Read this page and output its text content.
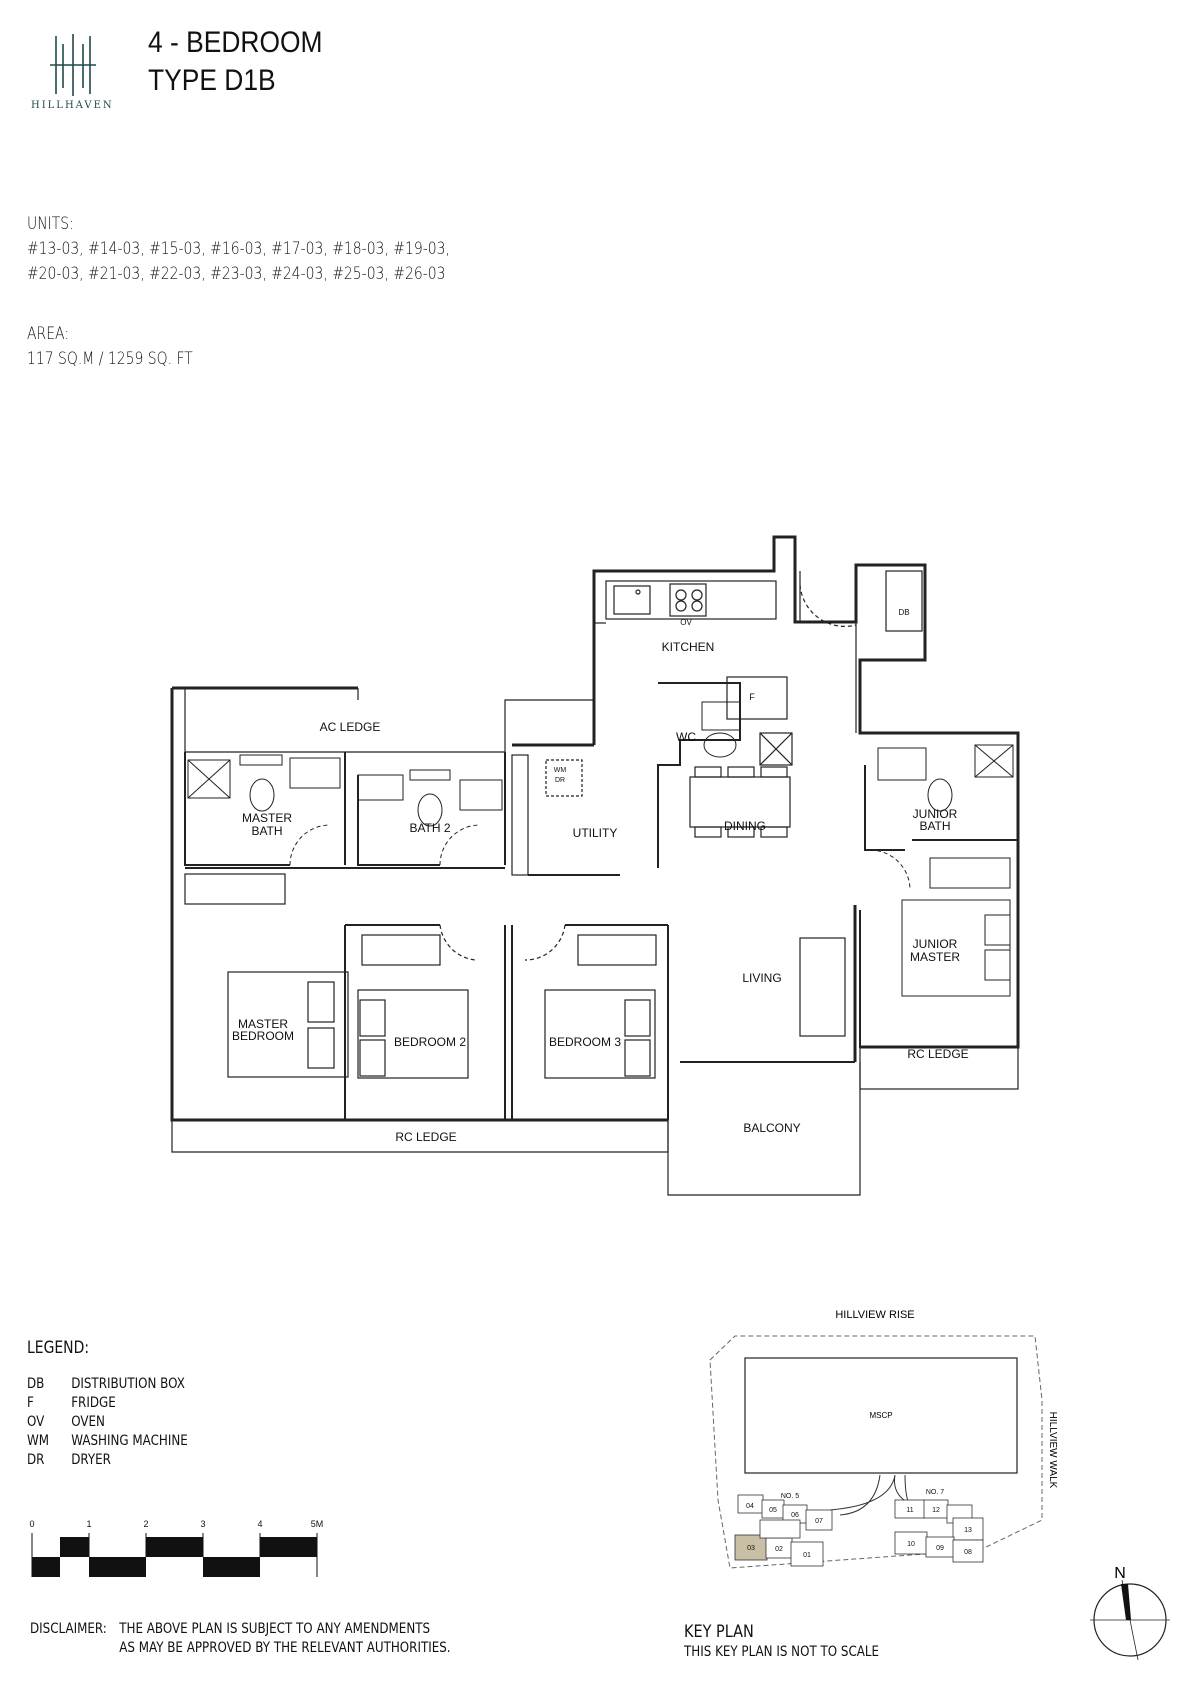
HILLHAVEN
4 - BEDROOM
TYPE D1B
UNITS:
#13-03, #14-03, #15-03, #16-03, #17-03, #18-03, #19-03,
#20-03, #21-03, #22-03, #23-03, #24-03, #25-03, #26-03
AREA:
117 SQ.M / 1259 SQ. FT
AC LEDGE
KITCHEN
OV
DB
F
WC
MASTER
BATH	BATH 2
WM
DR
UTILITY	DINING
JUNIOR
BATH
JUNIOR
MASTER
LIVING
MASTER
BEDROOM	BEDROOM 2	BEDROOM 3
RC LEDGE
RC LEDGE
BALCONY
LEGEND:
DB	DISTRIBUTION BOX
F	FRIDGE
OV	OVEN
WM	WASHING MACHINE
DR	DRYER
0	1	2	3	4	5M
DISCLAIMER: THE ABOVE PLAN IS SUBJECT TO ANY AMENDMENTS
AS MAY BE APPROVED BY THE RELEVANT AUTHORITIES.
HILLVIEW RISE
HILLVIEW WALK
MSCP
NO. 5
NO. 7
04
05
06
07
03	02
01
11	12
13
10
09
08
KEY PLAN
THIS KEY PLAN IS NOT TO SCALE
N
